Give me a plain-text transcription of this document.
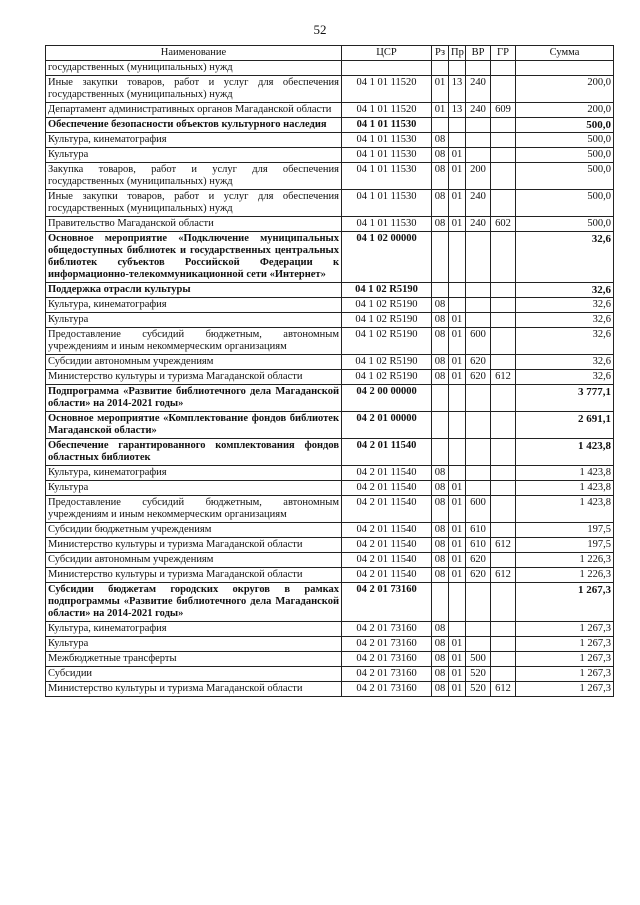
52
Наименование	ЦСР	Рз	Пр	ВР	ГР	Сумма
государственных (муниципальных) нужд						
Иные закупки товаров, работ и услуг для обеспечения государственных (муниципальных) нужд	04 1 01 11520	01	13	240		200,0
Департамент административных органов Магаданской области	04 1 01 11520	01	13	240	609	200,0
Обеспечение безопасности объектов культурного наследия	04 1 01 11530					500,0
Культура, кинематография	04 1 01 11530	08				500,0
Культура	04 1 01 11530	08	01			500,0
Закупка товаров, работ и услуг для обеспечения государственных (муниципальных) нужд	04 1 01 11530	08	01	200		500,0
Иные закупки товаров, работ и услуг для обеспечения государственных (муниципальных) нужд	04 1 01 11530	08	01	240		500,0
Правительство Магаданской области	04 1 01 11530	08	01	240	602	500,0
Основное мероприятие «Подключение муниципальных общедоступных библиотек и государственных центральных библиотек субъектов Российской Федерации к информационно-телекоммуникационной сети «Интернет»	04 1 02 00000					32,6
Поддержка отрасли культуры	04 1 02 R5190					32,6
Культура, кинематография	04 1 02 R5190	08				32,6
Культура	04 1 02 R5190	08	01			32,6
Предоставление субсидий бюджетным, автономным учреждениям и иным некоммерческим организациям	04 1 02 R5190	08	01	600		32,6
Субсидии автономным учреждениям	04 1 02 R5190	08	01	620		32,6
Министерство культуры и туризма Магаданской области	04 1 02 R5190	08	01	620	612	32,6
Подпрограмма «Развитие библиотечного дела Магаданской области» на 2014-2021 годы»	04 2 00 00000					3 777,1
Основное мероприятие «Комплектование фондов библиотек Магаданской области»	04 2 01 00000					2 691,1
Обеспечение гарантированного комплектования фондов областных библиотек	04 2 01 11540					1 423,8
Культура, кинематография	04 2 01 11540	08				1 423,8
Культура	04 2 01 11540	08	01			1 423,8
Предоставление субсидий бюджетным, автономным учреждениям и иным некоммерческим организациям	04 2 01 11540	08	01	600		1 423,8
Субсидии бюджетным учреждениям	04 2 01 11540	08	01	610		197,5
Министерство культуры и туризма Магаданской области	04 2 01 11540	08	01	610	612	197,5
Субсидии автономным учреждениям	04 2 01 11540	08	01	620		1 226,3
Министерство культуры и туризма Магаданской области	04 2 01 11540	08	01	620	612	1 226,3
Субсидии бюджетам городских округов в рамках подпрограммы «Развитие библиотечного дела Магаданской области» на 2014-2021 годы»	04 2 01 73160					1 267,3
Культура, кинематография	04 2 01 73160	08				1 267,3
Культура	04 2 01 73160	08	01			1 267,3
Межбюджетные трансферты	04 2 01 73160	08	01	500		1 267,3
Субсидии	04 2 01 73160	08	01	520		1 267,3
Министерство культуры и туризма Магаданской области	04 2 01 73160	08	01	520	612	1 267,3
